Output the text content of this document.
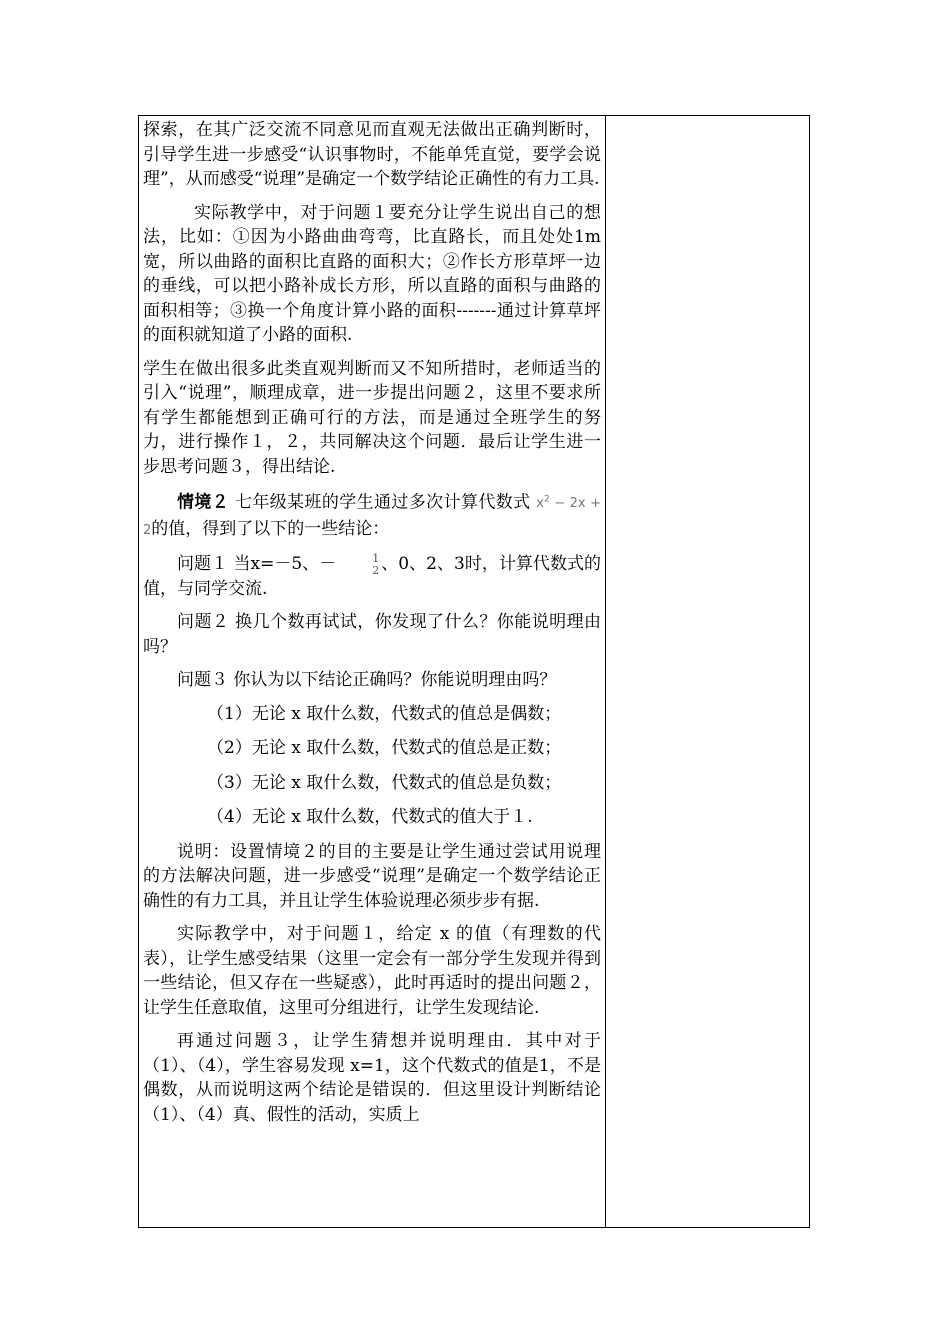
探索，在其广泛交流不同意见而直观无法做出正确判断时，引导学生进一步感受“认识事物时，不能单凭直觉，要学会说理”，从而感受“说理”是确定一个数学结论正确性的有力工具.

实际教学中，对于问题１要充分让学生说出自己的想法，比如：①因为小路曲曲弯弯，比直路长，而且处处1m宽，所以曲路的面积比直路的面积大；②作长方形草坪一边的垂线，可以把小路补成长方形，所以直路的面积与曲路的面积相等；③换一个角度计算小路的面积-------通过计算草坪的面积就知道了小路的面积.

学生在做出很多此类直观判断而又不知所措时，老师适当的引入“说理”，顺理成章，进一步提出问题２，这里不要求所有学生都能想到正确可行的方法，而是通过全班学生的努力，进行操作１，２，共同解决这个问题．最后让学生进一步思考问题３，得出结论.

情境２ 七年级某班的学生通过多次计算代数式 $x^2 - 2x + 2$的值，得到了以下的一些结论：

问题１ 当x=－5、－	1
2 、0、2、3时，计算代数式的值，与同学交流.

问题２ 换几个数再试试，你发现了什么？你能说明理由吗？

问题３ 你认为以下结论正确吗？你能说明理由吗？

（1）无论 x 取什么数，代数式的值总是偶数；

（2）无论 x 取什么数，代数式的值总是正数；

（3）无论 x 取什么数，代数式的值总是负数；

（4）无论 x 取什么数，代数式的值大于１.

说明：设置情境２的目的主要是让学生通过尝试用说理的方法解决问题，进一步感受“说理”是确定一个数学结论正确性的有力工具，并且让学生体验说理必须步步有据.

实际教学中，对于问题１，给定 x 的值（有理数的代表），让学生感受结果（这里一定会有一部分学生发现并得到一些结论，但又存在一些疑惑），此时再适时的提出问题２，让学生任意取值，这里可分组进行，让学生发现结论.

再通过问题３，让学生猜想并说明理由．其中对于（1）、（4），学生容易发现 x=1，这个代数式的值是1，不是偶数，从而说明这两个结论是错误的．但这里设计判断结论（1）、（4）真、假性的活动，实质上
